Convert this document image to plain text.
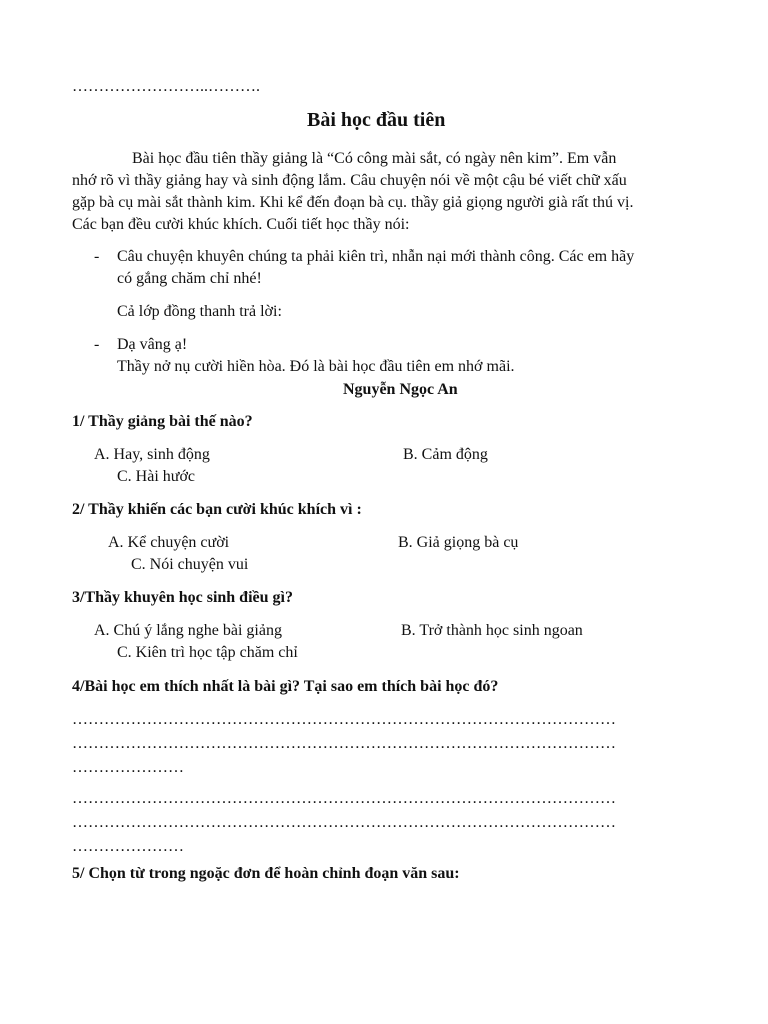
……………………..……….
Bài học đầu tiên
Bài học đầu tiên thầy giảng là “Có công mài sắt, có ngày nên kim”. Em vẫn
nhớ rõ vì thầy giảng hay và sinh động lắm. Câu chuyện nói về một cậu bé viết chữ xấu
gặp bà cụ mài sắt thành kim. Khi kể đến đoạn bà cụ. thầy giả giọng người già rất thú vị.
Các bạn đều cười khúc khích. Cuối tiết học thầy nói:
- Câu chuyện khuyên chúng ta phải kiên trì, nhẫn nại mới thành công. Các em hãy
có gắng chăm chỉ nhé!
Cả lớp đồng thanh trả lời:
- Dạ vâng ạ!
Thầy nở nụ cười hiền hòa. Đó là bài học đầu tiên em nhớ mãi.
Nguyễn Ngọc An
1/ Thầy giảng bài thế nào?
A. Hay, sinh động	B. Cảm động
C. Hài hước
2/ Thầy khiến các bạn cười khúc khích vì :
A. Kể chuyện cười	B. Giả giọng bà cụ
C. Nói chuyện vui
3/Thầy khuyên học sinh điều gì?
A. Chú ý lắng nghe bài giảng	B. Trở thành học sinh ngoan
C. Kiên trì học tập chăm chỉ
4/Bài học em thích nhất là bài gì? Tại sao em thích bài học đó?
…………………………………………………………………………………………
…………………………………………………………………………………………
…………………
…………………………………………………………………………………………
…………………………………………………………………………………………
…………………
5/ Chọn từ trong ngoặc đơn để hoàn chỉnh đoạn văn sau:
